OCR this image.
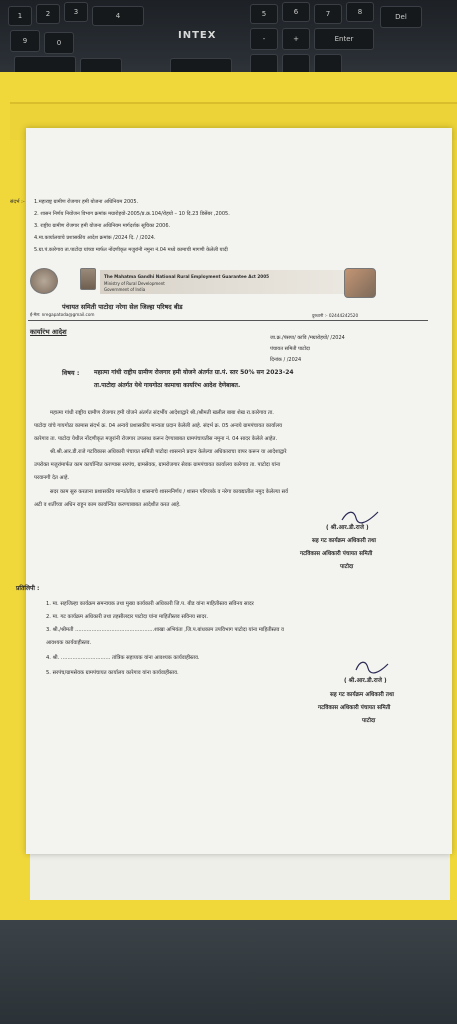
INTEX
1	2	3	4	5	6	7	8
9	0	-	+	Enter
Del
संदर्भ :- 1.महाराष्ट्र ग्रामीण रोजगार हमी योजना अधिनियम 2005.
2. शासन निर्णय नियोजन विभाग क्रमांक मग्रारोहयो-2005/प्र.क्र.104/रोहयो – 10 दि.23 डिसेंबर ,2005.
3. राष्ट्रीय ग्रामीण रोजगार हमी योजना अधिनियम मार्गदर्शक सूचिका 2006.
4.मा.कार्यालयाचे प्रशासकीय आदेश क्रमांक /2024 दि. / /2024.
5.ग्रा.पं.कारेगाव ता.पाटोदा यांच्या मार्फत नोंदणीकृत मजुरांनी नमुना नं.04 मध्ये कामाची मागणी केलेली यादी
The Mahatma Gandhi National Rural Employment Guarantee Act 2005
Ministry of Rural Development
Government of India
पंचायत समिती पाटोदा नरेगा सेल जिल्हा परिषद बीड
ई-मेल: nregapatoda@gmail.com	दुरध्वनी :- 02444242520
कार्यारंभ आदेश
जा.क्र./पंसपा/ कावि /मग्रारोहयो/ /2024
पंचायत समिती पाटोदा
दिनांक / /2024
विषय : महात्मा गांधी राष्ट्रीय ग्रामीण रोजगार हमी योजने अंतर्गत ग्रा.पं. स्तर 50% सन 2023-24
ता.पाटोदा अंतर्गत येथे गायगोठा कामाचा कार्यारंभ आदेश देणेबाबत.
महात्मा गांधी राष्ट्रीय ग्रामीण रोजगार हमी योजने अंतर्गत संदर्भीय आदेशाद्वारे श्री./श्रीमती खलील बाबा शेख रा.कारेगाव ता.
पाटोदा यांचे गायगोठा कामास संदर्भ क्र. 04 अन्वये प्रशासकीय मान्यता प्रदान केलेली आहे. संदर्भ क्र. 05 अन्वये ग्रामपंचायत कार्यालय
कारेगाव ता. पाटोदा येथील नोंदणीकृत मजुरांनी रोजगार उपलब्ध करून देण्याबाबत ग्रामपंचायतीस नमुना नं. 04 सादर केलेले आहेत.
श्री.श्री.आर.डी.राजे गटविकास अधिकारी पंचायत समिती पाटोदा शासनाने प्रदान केलेल्या अधिकाराचा वापर करून या आदेशाद्वारे
उपरोक्त मजुरांमार्फत काम कार्यान्वित करण्यास सरपंच, ग्रामसेवक, ग्रामरोजगार सेवक ग्रामपंचायत कार्यालय कारेगाव ता. पाटोदा यांना
परवानगी देत आहे.
सदर काम सुरु करताना प्रशासकीय मान्यतेतील व शासनाचे शासननिर्णय / शासन परिपत्रके व नरेगा कायद्यातील नमुद केलेल्या सर्व
अटी व शर्तीच्या अधिन राहून काम कार्यान्वित करण्याबाबत आदेशीत करत आहे.
( श्री.आर.डी.राजे )
सह गट कार्यक्रम अधिकारी तथा
गटविकास अधिकारी पंचायत समिती
पाटोदा
प्रतिलिपी :
1. मा. सहजिल्हा कार्यक्रम समन्वयक तथा मुख्य कार्यकारी अधिकारी जि.प. बीड यांना माहितीस्तव सविनय सादर
2. मा. गट कार्यक्रम अधिकारी तथा तहसीलदार पाटोदा यांना माहितीस्तव सविनय सादर.
3. श्री./श्रीमती ................................................शाखा अभियंता ,जि.प.बांधकाम उपविभाग पाटोदा यांना माहितीस्तव व
आवश्यक कार्यवाहीस्तव.
4. श्री. .............................. तांत्रिक सहाय्यक यांना आवश्यक कार्यवाहीस्तव.
5. सरपंच/ग्रामसेवक ग्रामपंचायत कार्यालय कारेगाव यांना कार्यवाहीस्तव.
( श्री.आर.डी.राजे )
सह गट कार्यक्रम अधिकारी तथा
गटविकास अधिकारी पंचायत समिती
पाटोदा
